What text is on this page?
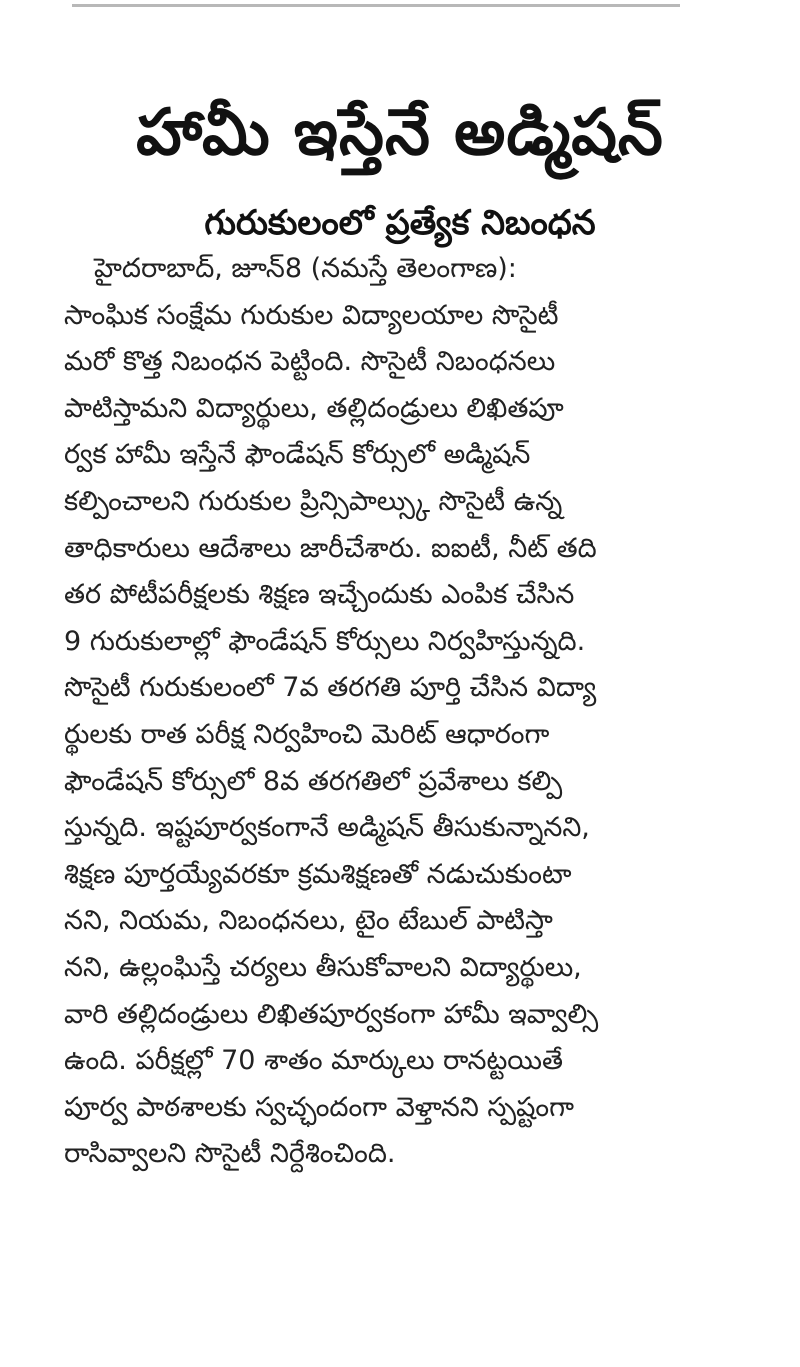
హామీ ఇస్తేనే అడ్మిషన్
గురుకులంలో ప్రత్యేక నిబంధన
హైదరాబాద్, జూన్8 (నమస్తే తెలంగాణ):
సాంఘిక సంక్షేమ గురుకుల విద్యాలయాల సొసైటీ
మరో కొత్త నిబంధన పెట్టింది. సొసైటీ నిబంధనలు
పాటిస్తామని విద్యార్థులు, తల్లిదండ్రులు లిఖితపూ
ర్వక హామీ ఇస్తేనే ఫౌండేషన్ కోర్సులో అడ్మిషన్
కల్పించాలని గురుకుల ప్రిన్సిపాల్స్కు సొసైటీ ఉన్న
తాధికారులు ఆదేశాలు జారీచేశారు. ఐఐటీ, నీట్ తది
తర పోటీపరీక్షలకు శిక్షణ ఇచ్చేందుకు ఎంపిక చేసిన
9 గురుకులాల్లో ఫౌండేషన్ కోర్సులు నిర్వహిస్తున్నది.
సొసైటీ గురుకులంలో 7వ తరగతి పూర్తి చేసిన విద్యా
ర్థులకు రాత పరీక్ష నిర్వహించి మెరిట్ ఆధారంగా
ఫౌండేషన్ కోర్సులో 8వ తరగతిలో ప్రవేశాలు కల్పి
స్తున్నది. ఇష్టపూర్వకంగానే అడ్మిషన్ తీసుకున్నానని,
శిక్షణ పూర్తయ్యేవరకూ క్రమశిక్షణతో నడుచుకుంటా
నని, నియమ, నిబంధనలు, టైం టేబుల్ పాటిస్తా
నని, ఉల్లంఘిస్తే చర్యలు తీసుకోవాలని విద్యార్థులు,
వారి తల్లిదండ్రులు లిఖితపూర్వకంగా హామీ ఇవ్వాల్సి
ఉంది. పరీక్షల్లో 70 శాతం మార్కులు రానట్టయితే
పూర్వ పాఠశాలకు స్వచ్ఛందంగా వెళ్తానని స్పష్టంగా
రాసివ్వాలని సొసైటీ నిర్దేశించింది.
